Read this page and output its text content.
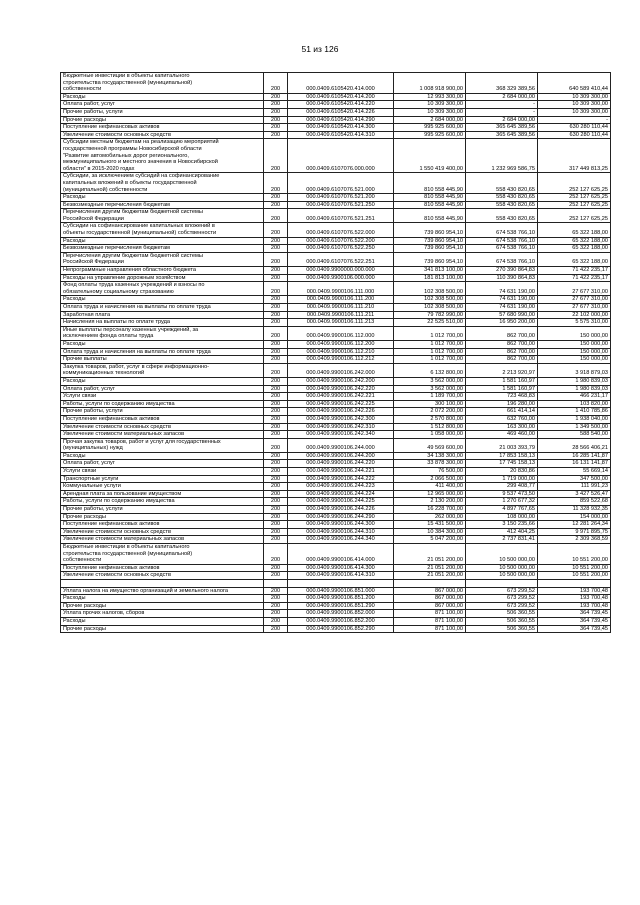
51 из 126
Бюджетные инвестиции в объекты капитального
строительства государственной (муниципальной)
собственности	200	000.0409.6105420.414.000	1 008 918 900,00	368 329 389,56	640 589 410,44

Расходы	200	000.0409.6105420.414.200	12 993 300,00	2 684 000,00	10 309 300,00

Оплата работ, услуг	200	000.0409.6105420.414.220	10 309 300,00	-	10 309 300,00

Прочие работы, услуги	200	000.0409.6105420.414.226	10 309 300,00	-	10 309 300,00

Прочие расходы	200	000.0409.6105420.414.290	2 684 000,00	2 684 000,00	-

Поступление нефинансовых активов	200	000.0409.6105420.414.300	995 925 600,00	365 645 389,56	630 280 110,44

Увеличение стоимости основных средств	200	000.0409.6105420.414.310	995 925 600,00	365 645 389,56	630 280 110,44

Субсидии местным бюджетам на реализацию мероприятий
государственной программы Новосибирской области
"Развитие автомобильных дорог регионального,
межмуниципального и местного значения в Новосибирской
области" в 2015-2020 годах	200	000.0409.6107076.000.000	1 550 419 400,00	1 232 969 586,75	317 449 813,25

Субсидии, за исключением субсидий на софинансирование
капитальных вложений в объекты государственной
(муниципальной) собственности	200	000.0409.6107076.521.000	810 558 445,90	558 430 820,65	252 127 625,25

Расходы	200	000.0409.6107076.521.200	810 558 445,90	558 430 820,65	252 127 625,25

Безвозмездные перечисления бюджетам	200	000.0409.6107076.521.250	810 558 445,90	558 430 820,65	252 127 625,25

Перечисления другим бюджетам бюджетной системы
Российской Федерации	200	000.0409.6107076.521.251	810 558 445,90	558 430 820,65	252 127 625,25

Субсидии на софинансирование капитальных вложений в
объекты государственной (муниципальной) собственности	200	000.0409.6107076.522.000	739 860 954,10	674 538 766,10	65 322 188,00

Расходы	200	000.0409.6107076.522.200	739 860 954,10	674 538 766,10	65 322 188,00

Безвозмездные перечисления бюджетам	200	000.0409.6107076.522.250	739 860 954,10	674 538 766,10	65 322 188,00

Перечисления другим бюджетам бюджетной системы
Российской Федерации	200	000.0409.6107076.522.251	739 860 954,10	674 538 766,10	65 322 188,00

Непрограммные направления областного бюджета	200	000.0409.9900000.000.000	341 813 100,00	270 390 864,83	71 422 235,17

Расходы на управление дорожным хозяйством	200	000.0409.9900106.000.000	181 813 100,00	110 390 864,83	71 422 235,17

Фонд оплаты труда казенных учреждений и взносы по
обязательному социальному страхованию	200	000.0409.9900106.111.000	102 308 500,00	74 631 190,00	27 677 310,00

Расходы	200	000.0409.9900106.111.200	102 308 500,00	74 631 190,00	27 677 310,00

Оплата труда и начисления на выплаты по оплате труда	200	000.0409.9900106.111.210	102 308 500,00	74 631 190,00	27 677 310,00

Заработная плата	200	000.0409.9900106.111.211	79 782 990,00	57 680 990,00	22 102 000,00

Начисления на выплаты по оплате труда	200	000.0409.9900106.111.213	22 525 510,00	16 950 200,00	5 575 310,00

Иные выплаты персоналу казенных учреждений, за
исключением фонда оплаты труда	200	000.0409.9900106.112.000	1 012 700,00	862 700,00	150 000,00

Расходы	200	000.0409.9900106.112.200	1 012 700,00	862 700,00	150 000,00

Оплата труда и начисления на выплаты по оплате труда	200	000.0409.9900106.112.210	1 012 700,00	862 700,00	150 000,00

Прочие выплаты	200	000.0409.9900106.112.212	1 012 700,00	862 700,00	150 000,00

Закупка товаров, работ, услуг в сфере информационно-
коммуникационных технологий	200	000.0409.9900106.242.000	6 132 800,00	2 213 920,97	3 918 879,03

Расходы	200	000.0409.9900106.242.200	3 562 000,00	1 581 160,97	1 980 839,03

Оплата работ, услуг	200	000.0409.9900106.242.220	3 562 000,00	1 581 160,97	1 980 839,03

Услуги связи	200	000.0409.9900106.242.221	1 189 700,00	723 468,83	466 231,17

Работы, услуги по содержанию имущества	200	000.0409.9900106.242.225	300 100,00	196 280,00	103 820,00

Прочие работы, услуги	200	000.0409.9900106.242.226	2 072 200,00	661 414,14	1 410 785,86

Поступление нефинансовых активов	200	000.0409.9900106.242.300	2 570 800,00	632 760,00	1 938 040,00

Увеличение стоимости основных средств	200	000.0409.9900106.242.310	1 512 800,00	163 300,00	1 349 500,00

Увеличение стоимости материальных запасов	200	000.0409.9900106.242.340	1 058 000,00	469 460,00	588 540,00

Прочая закупка товаров, работ и услуг для государственных
(муниципальных) нужд	200	000.0409.9900106.244.000	49 569 600,00	21 003 393,79	28 566 406,21

Расходы	200	000.0409.9900106.244.200	34 138 300,00	17 853 158,13	16 285 141,87

Оплата работ, услуг	200	000.0409.9900106.244.220	33 878 300,00	17 745 158,13	16 131 141,87

Услуги связи	200	000.0409.9900106.244.221	76 500,00	20 830,86	55 669,14

Транспортные услуги	200	000.0409.9900106.244.222	2 066 500,00	1 719 000,00	347 500,00

Коммунальные услуги	200	000.0409.9900106.244.223	411 400,00	299 408,77	111 991,23

Арендная плата за пользование имуществом	200	000.0409.9900106.244.224	12 965 000,00	9 537 473,50	3 427 526,47

Работы, услуги по содержанию имущества	200	000.0409.9900106.244.225	2 130 200,00	1 270 677,32	859 522,68

Прочие работы, услуги	200	000.0409.9900106.244.226	16 228 700,00	4 897 767,65	11 328 932,35

Прочие расходы	200	000.0409.9900106.244.290	262 000,00	108 000,00	154 000,00

Поступление нефинансовых активов	200	000.0409.9900106.244.300	15 431 500,00	3 150 235,66	12 281 264,34

Увеличение стоимости основных средств	200	000.0409.9900106.244.310	10 384 300,00	412 404,25	9 971 895,75

Увеличение стоимости материальных запасов	200	000.0409.9900106.244.340	5 047 200,00	2 737 831,41	2 309 368,59

Бюджетные инвестиции в объекты капитального
строительства государственной (муниципальной)
собственности	200	000.0409.9900106.414.000	21 051 200,00	10 500 000,00	10 551 200,00

Поступление нефинансовых активов	200	000.0409.9900106.414.300	21 051 200,00	10 500 000,00	10 551 200,00

Увеличение стоимости основных средств	200	000.0409.9900106.414.310	21 051 200,00	10 500 000,00	10 551 200,00

Уплата налога на имущество организаций и земельного налога	200	000.0409.9900106.851.000	867 000,00	673 299,52	193 700,48

Расходы	200	000.0409.9900106.851.200	867 000,00	673 299,52	193 700,48

Прочие расходы	200	000.0409.9900106.851.290	867 000,00	673 299,52	193 700,48

Уплата прочих налогов, сборов	200	000.0409.9900106.852.000	871 100,00	506 360,55	364 739,45

Расходы	200	000.0409.9900106.852.200	871 100,00	506 360,55	364 739,45

Прочие расходы	200	000.0409.9900106.852.290	871 100,00	506 360,55	364 739,45
